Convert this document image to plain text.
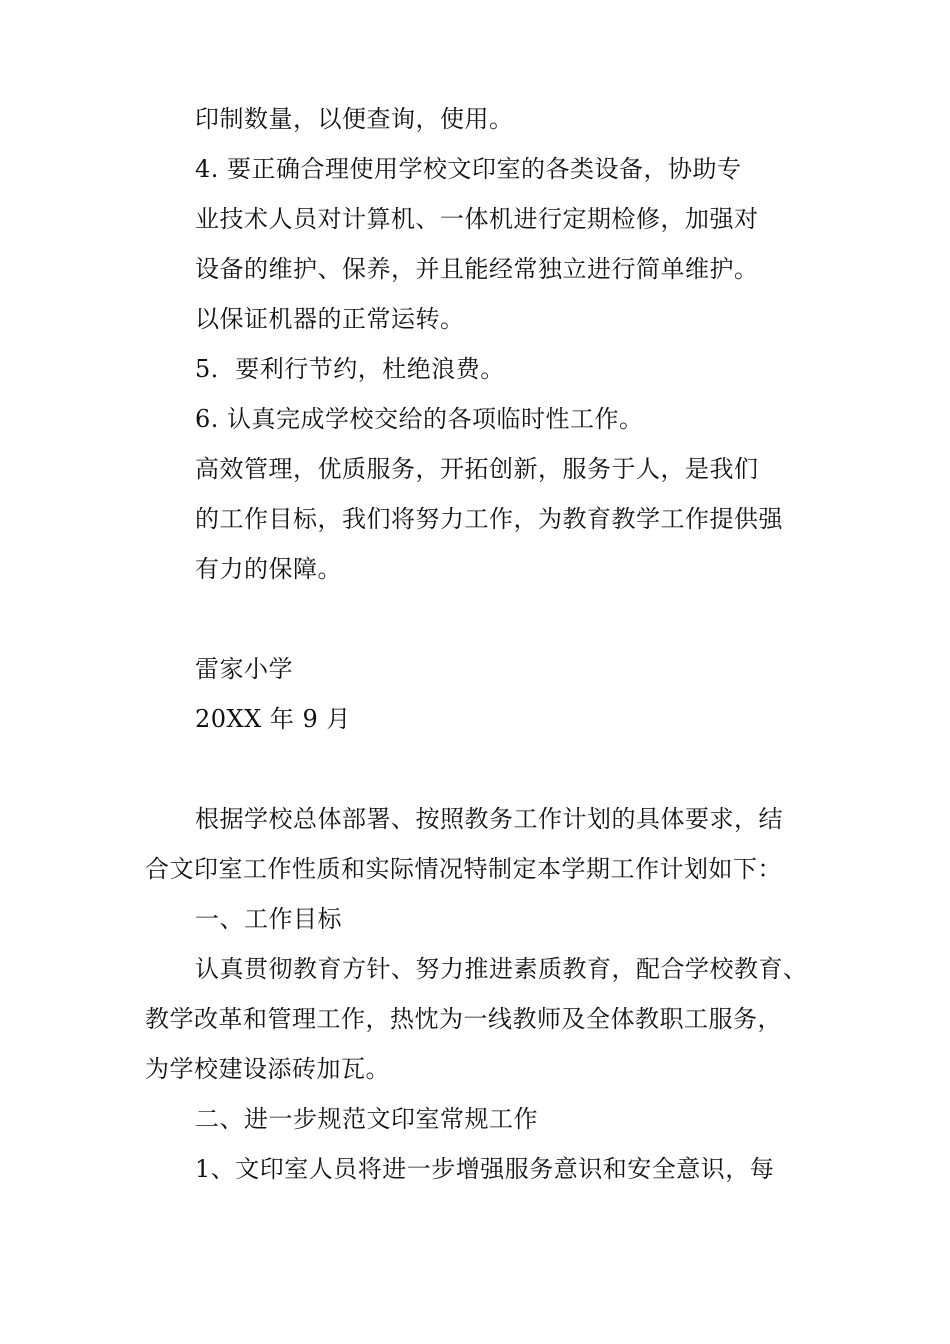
印制数量，以便查询，使用。
4. 要正确合理使用学校文印室的各类设备，协助专
业技术人员对计算机、一体机进行定期检修，加强对
设备的维护、保养，并且能经常独立进行简单维护。
以保证机器的正常运转。
5．要利行节约，杜绝浪费。
6. 认真完成学校交给的各项临时性工作。
高效管理，优质服务，开拓创新，服务于人，是我们
的工作目标，我们将努力工作，为教育教学工作提供强
有力的保障。
雷家小学
20XX 年 9 月
根据学校总体部署、按照教务工作计划的具体要求，结
合文印室工作性质和实际情况特制定本学期工作计划如下：
一、工作目标
认真贯彻教育方针、努力推进素质教育，配合学校教育、
教学改革和管理工作，热忱为一线教师及全体教职工服务，
为学校建设添砖加瓦。
二、进一步规范文印室常规工作
1、文印室人员将进一步增强服务意识和安全意识，每
